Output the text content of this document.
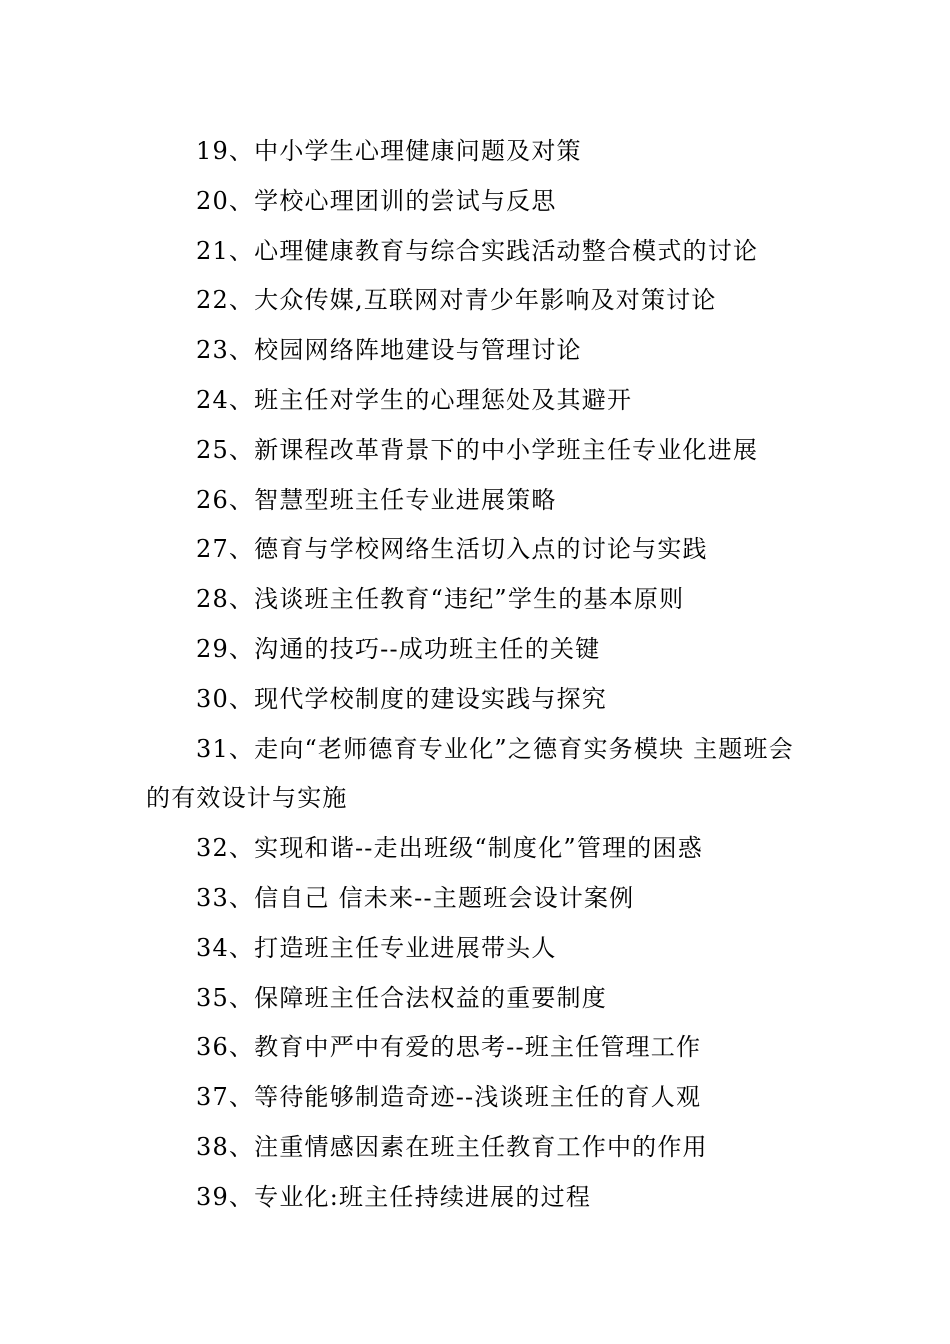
19、中小学生心理健康问题及对策

20、学校心理团训的尝试与反思

21、心理健康教育与综合实践活动整合模式的讨论

22、大众传媒,互联网对青少年影响及对策讨论

23、校园网络阵地建设与管理讨论

24、班主任对学生的心理惩处及其避开

25、新课程改革背景下的中小学班主任专业化进展

26、智慧型班主任专业进展策略

27、德育与学校网络生活切入点的讨论与实践

28、浅谈班主任教育“违纪”学生的基本原则

29、沟通的技巧--成功班主任的关键

30、现代学校制度的建设实践与探究

31、走向“老师德育专业化”之德育实务模块 主题班会的有效设计与实施

32、实现和谐--走出班级“制度化”管理的困惑

33、信自己 信未来--主题班会设计案例

34、打造班主任专业进展带头人

35、保障班主任合法权益的重要制度

36、教育中严中有爱的思考--班主任管理工作

37、等待能够制造奇迹--浅谈班主任的育人观

38、注重情感因素在班主任教育工作中的作用

39、专业化:班主任持续进展的过程
